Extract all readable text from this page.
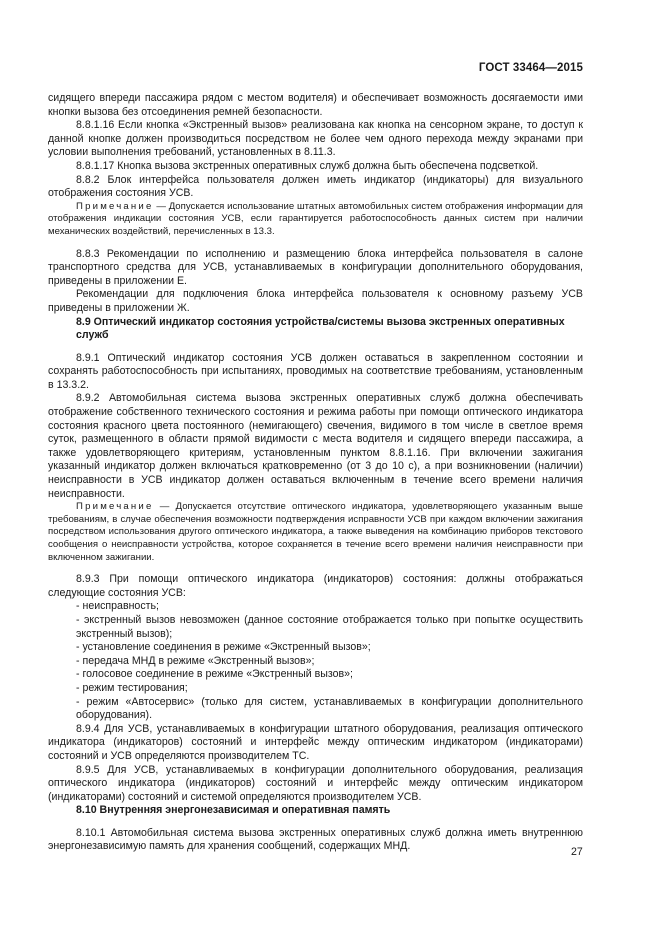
ГОСТ 33464—2015

сидящего впереди пассажира рядом с местом водителя) и обеспечивает возможность досягаемости ими кнопки вызова без отсоединения ремней безопасности.

8.8.1.16 Если кнопка «Экстренный вызов» реализована как кнопка на сенсорном экране, то доступ к данной кнопке должен производиться посредством не более чем одного перехода между экранами при условии выполнения требований, установленных в 8.11.3.

8.8.1.17 Кнопка вызова экстренных оперативных служб должна быть обеспечена подсветкой.

8.8.2 Блок интерфейса пользователя должен иметь индикатор (индикаторы) для визуального отображения состояния УСВ.

Примечание — Допускается использование штатных автомобильных систем отображения информации для отображения индикации состояния УСВ, если гарантируется работоспособность данных систем при наличии механических воздействий, перечисленных в 13.3.

8.8.3 Рекомендации по исполнению и размещению блока интерфейса пользователя в салоне транспортного средства для УСВ, устанавливаемых в конфигурации дополнительного оборудования, приведены в приложении Е.

Рекомендации для подключения блока интерфейса пользователя к основному разъему УСВ приведены в приложении Ж.

8.9 Оптический индикатор состояния устройства/системы вызова экстренных оперативных служб

8.9.1 Оптический индикатор состояния УСВ должен оставаться в закрепленном состоянии и сохранять работоспособность при испытаниях, проводимых на соответствие требованиям, установленным в 13.3.2.

8.9.2 Автомобильная система вызова экстренных оперативных служб должна обеспечивать отображение собственного технического состояния и режима работы при помощи оптического индикатора состояния красного цвета постоянного (немигающего) свечения, видимого в том числе в светлое время суток, размещенного в области прямой видимости с места водителя и сидящего впереди пассажира, а также удовлетворяющего критериям, установленным пунктом 8.8.1.16. При включении зажигания указанный индикатор должен включаться кратковременно (от 3 до 10 с), а при возникновении (наличии) неисправности в УСВ индикатор должен оставаться включенным в течение всего времени наличия неисправности.

Примечание — Допускается отсутствие оптического индикатора, удовлетворяющего указанным выше требованиям, в случае обеспечения возможности подтверждения исправности УСВ при каждом включении зажигания посредством использования другого оптического индикатора, а также выведения на комбинацию приборов текстового сообщения о неисправности устройства, которое сохраняется в течение всего времени наличия неисправности при включенном зажигании.

8.9.3 При помощи оптического индикатора (индикаторов) состояния: должны отображаться следующие состояния УСВ:

- неисправность;

- экстренный вызов невозможен (данное состояние отображается только при попытке осуществить экстренный вызов);

- установление соединения в режиме «Экстренный вызов»;

- передача МНД в режиме «Экстренный вызов»;

- голосовое соединение в режиме «Экстренный вызов»;

- режим тестирования;

- режим «Автосервис» (только для систем, устанавливаемых в конфигурации дополнительного оборудования).

8.9.4 Для УСВ, устанавливаемых в конфигурации штатного оборудования, реализация оптического индикатора (индикаторов) состояний и интерфейс между оптическим индикатором (индикаторами) состояний и УСВ определяются производителем ТС.

8.9.5 Для УСВ, устанавливаемых в конфигурации дополнительного оборудования, реализация оптического индикатора (индикаторов) состояний и интерфейс между оптическим индикатором (индикаторами) состояний и системой определяются производителем УСВ.

8.10 Внутренняя энергонезависимая и оперативная память

8.10.1 Автомобильная система вызова экстренных оперативных служб должна иметь внутреннюю энергонезависимую память для хранения сообщений, содержащих МНД.	27
